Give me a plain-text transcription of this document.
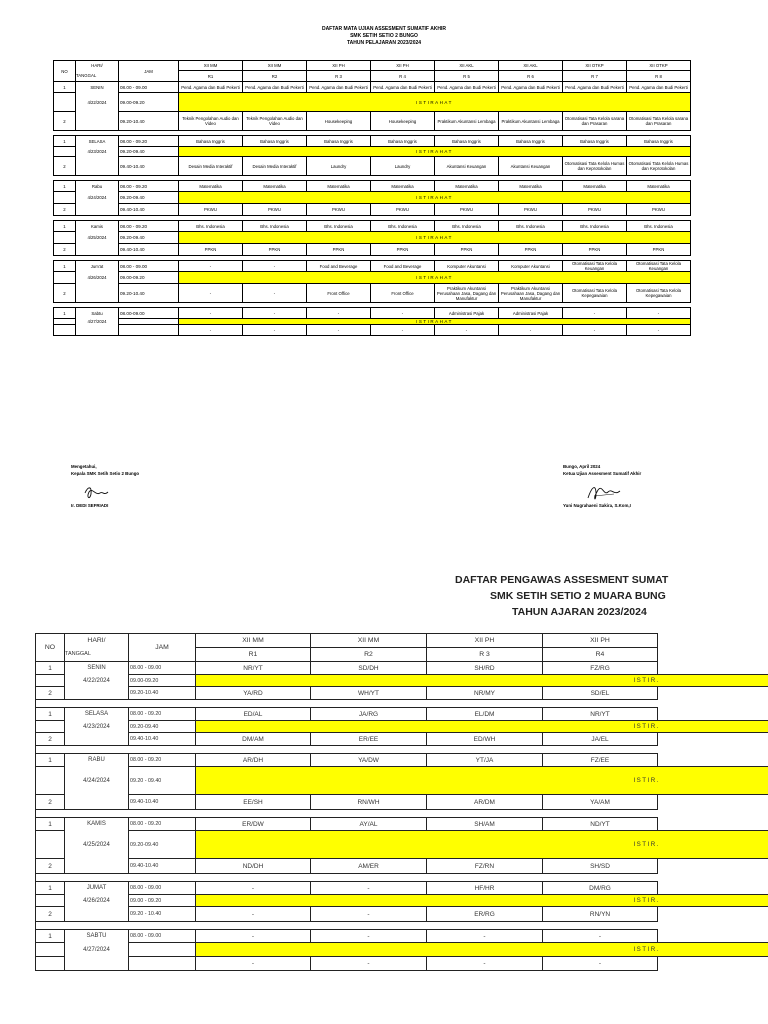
DAFTAR MATA UJIAN ASSESMENT SUMATIF AKHIR
SMK SETIH SETIO 2 BUNGO
TAHUN PELAJARAN 2023/2024
NO	HARI/	JAM	XII MM	XII MM	XII PH	XII PH	XII AKL	XII AKL	XII OTKP	XII OTKP
	TANGGAL		R1	R2	R 3	R 4	R 5	R 6	R 7	R 8
1	SENIN	08.00 - 09.00	Pend. Agama dan Budi Pekerti	Pend. Agama dan Budi Pekerti	Pend. Agama dan Budi Pekerti	Pend. Agama dan Budi Pekerti	Pend. Agama dan Budi Pekerti	Pend. Agama dan Budi Pekerti	Pend. Agama dan Budi Pekerti	Pend. Agama dan Budi Pekerti
	4/22/2024	09.00-09.20	ISTIRAHAT							
2		09.20-10.40	Teknik Pengolahan Audio dan Video	Teknik Pengolahan Audio dan Video	Housekeeping	Housekeeping	Praktikum Akuntansi Lembaga	Praktikum Akuntansi Lembaga	Otomatisasi Tata Kelola sarana dan Prasaran	Otomatisasi Tata Kelola sarana dan Prasaran

1	SELASA	08.00 - 09.20	Bahasa Inggris	Bahasa Inggris	Bahasa Inggris	Bahasa Inggris	Bahasa Inggris	Bahasa Inggris	Bahasa Inggris	Bahasa Inggris
	4/23/2024	09.20-09.40	ISTIRAHAT							
2		09.40-10.40	Desain Media Interaktif	Desain Media Interaktif	Laundry	Laundry	Akuntansi Keuangan	Akuntansi Keuangan	Otomatisasi Tata Kelola Humas dan Keprotokolan	Otomatisasi Tata Kelola Humas dan Keprotokolan

1	Rabu	08.00 - 09.20	Matematika	Matematika	Matematika	Matematika	Matematika	Matematika	Matematika	Matematika
	4/24/2024	09.20-09.40	ISTIRAHAT							
2		09.40-10.40	PKWU	PKWU	PKWU	PKWU	PKWU	PKWU	PKWU	PKWU

1	Kamis	08.00 - 09.20	Bhs. Indonesia	Bhs. Indonesia	Bhs. Indonesia	Bhs. Indonesia	Bhs. Indonesia	Bhs. Indonesia	Bhs. Indonesia	Bhs. Indonesia
	4/25/2024	09.20-09.40	ISTIRAHAT							
2		09.40-10.40	PPKN	PPKN	PPKN	PPKN	PPKN	PPKN	PPKN	PPKN

1	Jum'at	08.00 - 09.00	-	-	Food and Beverage	Food and Beverage	Komputer Akuntansi	Komputer Akuntansi	Otomatisasi Tata Kelola Keuangan	Otomatisasi Tata Kelola Keuangan
	4/26/2024	09.00-09.20	ISTIRAHAT							
2		09.20-10.40	-	-	Front Office	Front Office	Praktikum Akuntansi Perusahaan Jasa, Dagang dan Manufaktur	Praktikum Akuntansi Perusahaan Jasa, Dagang dan Manufaktur	Otomatisasi Tata Kelola Kepegawaian	Otomatisasi Tata Kelola Kepegawaian

1	Sabtu	08.00-09.00	-	-	-	-	Administrasi Pajak	Administrasi Pajak	-	-
	4/27/2024		ISTIRAHAT							
			-	-	-	-	-	-	-	-
Mengetahui,
Kepala SMK Setih Setio 2 Bungo
Ir. DEDI SEFRIADI
Bungo, April 2024
Ketua Ujian Assesment Sumatif Akhir
Yuni Nugrahaeni Sakira, S.Kom,I
DAFTAR PENGAWAS ASSESMENT SUMAT
SMK SETIH SETIO 2 MUARA BUNG
TAHUN AJARAN 2023/2024
NO	HARI/	JAM	XII MM	XII MM	XII PH	XII PH	
	TANGGAL		R1	R2	R 3	R4	
1	SENIN	08.00 - 09.00	NR/YT	SD/DH	SH/RD	FZ/RG	
	4/22/2024	09.00-09.20	ISTIR.				
2		09.20-10.40	YA/RD	WH/YT	NR/MY	SD/EL	

1	SELASA	08.00 - 09.20	ED/AL	JA/RG	EL/DM	NR/YT	
	4/23/2024	09.20-09.40	ISTIR.				
2		09.40-10.40	DM/AM	ER/EE	ED/WH	JA/EL	

1	RABU	08.00 - 09.20	AR/DH	YA/DW	YT/JA	FZ/EE	
	4/24/2024	09.20 - 09.40	ISTIR.				
2		09.40-10.40	EE/SH	RN/WH	AR/DM	YA/AM	

1	KAMIS	08.00 - 09.20	ER/DW	AY/AL	SH/AM	ND/YT	
	4/25/2024	09.20-09.40	ISTIR.				
2		09.40-10.40	ND/DH	AM/ER	FZ/RN	SH/SD	

1	JUMAT	08.00 - 09.00	-	-	HF/HR	DM/RG	
	4/26/2024	09.00 - 09.20	ISTIR.				
2		09.20 - 10.40	-	-	ER/RG	RN/YN	

1	SABTU	08.00 - 09.00	-	-	-	-	
	4/27/2024		ISTIR.				
			-	-	-	-	
